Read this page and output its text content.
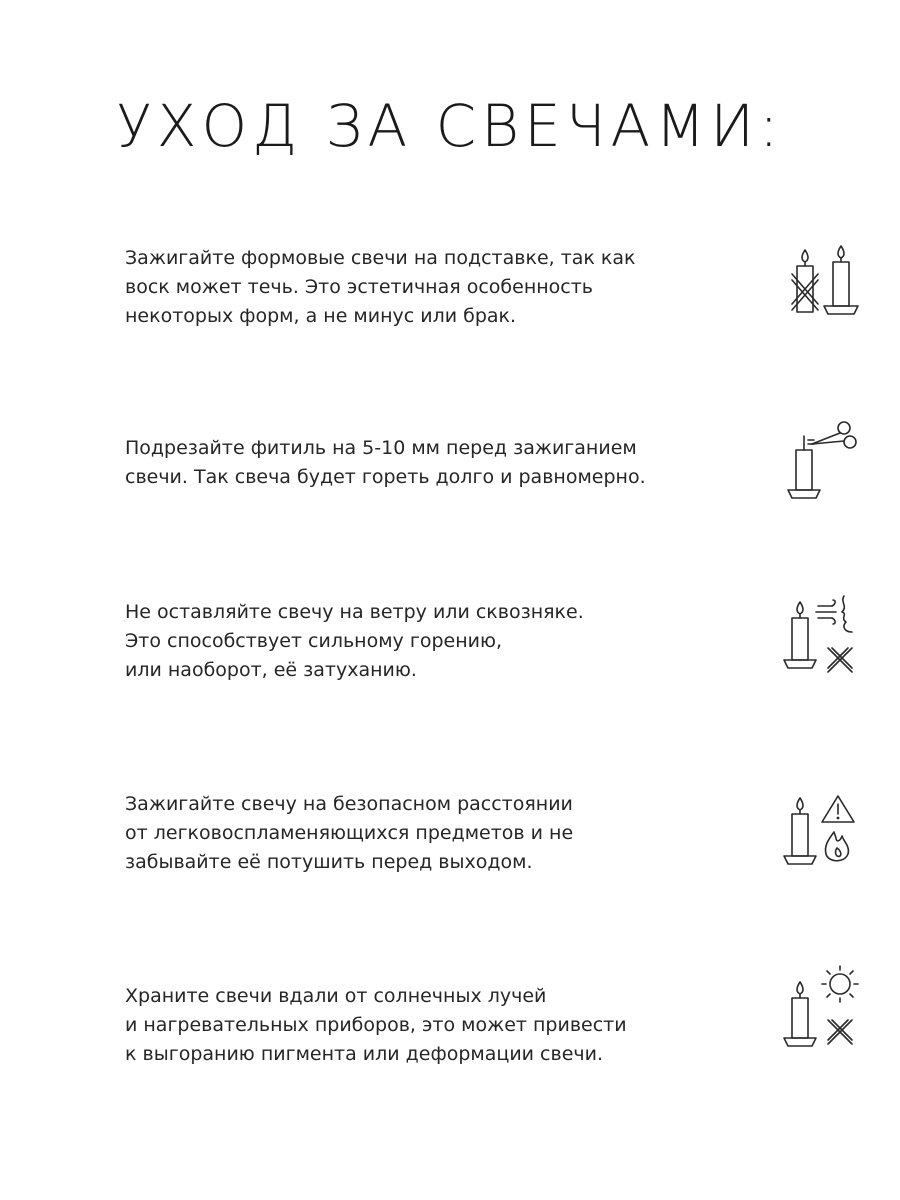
УХОД ЗА СВЕЧАМИ:
Зажигайте формовые свечи на подставке, так как
воск может течь. Это эстетичная особенность
некоторых форм, а не минус или брак.
Подрезайте фитиль на 5-10 мм перед зажиганием
свечи. Так свеча будет гореть долго и равномерно.
Не оставляйте свечу на ветру или сквозняке.
Это способствует сильному горению,
или наоборот, её затуханию.
Зажигайте свечу на безопасном расстоянии
от легковоспламеняющихся предметов и не
забывайте её потушить перед выходом.
Храните свечи вдали от солнечных лучей
и нагревательных приборов, это может привести
к выгоранию пигмента или деформации свечи.
